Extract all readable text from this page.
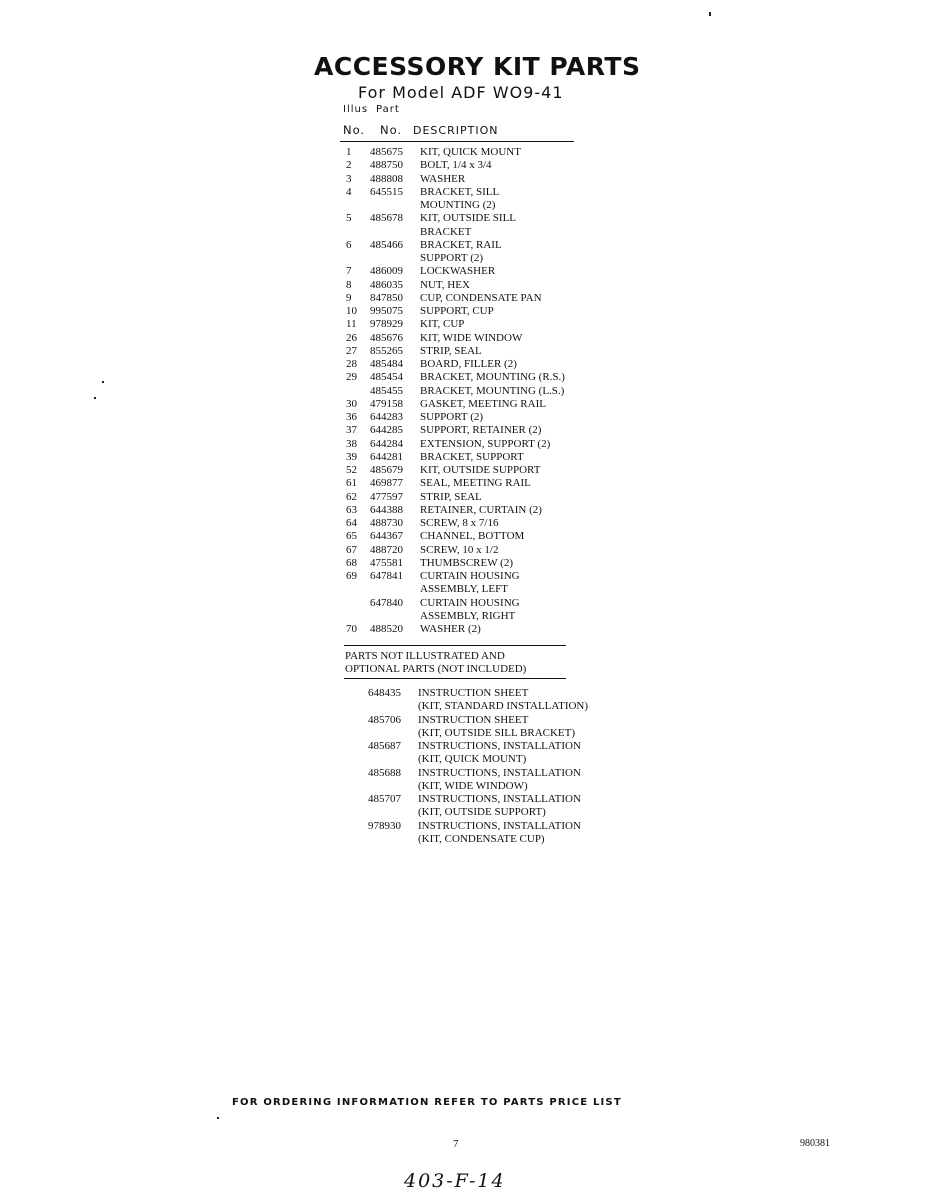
ACCESSORY KIT PARTS
For Model ADF WO9-41
Illus Part
No. No. DESCRIPTION
1 485675 KIT, QUICK MOUNT
2 488750 BOLT, 1/4 x 3/4
3 488808 WASHER
4 645515 BRACKET, SILL
MOUNTING (2)
5 485678 KIT, OUTSIDE SILL
BRACKET
6 485466 BRACKET, RAIL
SUPPORT (2)
7 486009 LOCKWASHER
8 486035 NUT, HEX
9 847850 CUP, CONDENSATE PAN
10 995075 SUPPORT, CUP
11 978929 KIT, CUP
26 485676 KIT, WIDE WINDOW
27 855265 STRIP, SEAL
28 485484 BOARD, FILLER (2)
29 485454 BRACKET, MOUNTING (R.S.)
485455 BRACKET, MOUNTING (L.S.)
30 479158 GASKET, MEETING RAIL
36 644283 SUPPORT (2)
37 644285 SUPPORT, RETAINER (2)
38 644284 EXTENSION, SUPPORT (2)
39 644281 BRACKET, SUPPORT
52 485679 KIT, OUTSIDE SUPPORT
61 469877 SEAL, MEETING RAIL
62 477597 STRIP, SEAL
63 644388 RETAINER, CURTAIN (2)
64 488730 SCREW, 8 x 7/16
65 644367 CHANNEL, BOTTOM
67 488720 SCREW, 10 x 1/2
68 475581 THUMBSCREW (2)
69 647841 CURTAIN HOUSING
ASSEMBLY, LEFT
647840 CURTAIN HOUSING
ASSEMBLY, RIGHT
70 488520 WASHER (2)
PARTS NOT ILLUSTRATED AND
OPTIONAL PARTS (NOT INCLUDED)
648435 INSTRUCTION SHEET
(KIT, STANDARD INSTALLATION)
485706 INSTRUCTION SHEET
(KIT, OUTSIDE SILL BRACKET)
485687 INSTRUCTIONS, INSTALLATION
(KIT, QUICK MOUNT)
485688 INSTRUCTIONS, INSTALLATION
(KIT, WIDE WINDOW)
485707 INSTRUCTIONS, INSTALLATION
(KIT, OUTSIDE SUPPORT)
978930 INSTRUCTIONS, INSTALLATION
(KIT, CONDENSATE CUP)
FOR ORDERING INFORMATION REFER TO PARTS PRICE LIST
7	980381
403-F-14
